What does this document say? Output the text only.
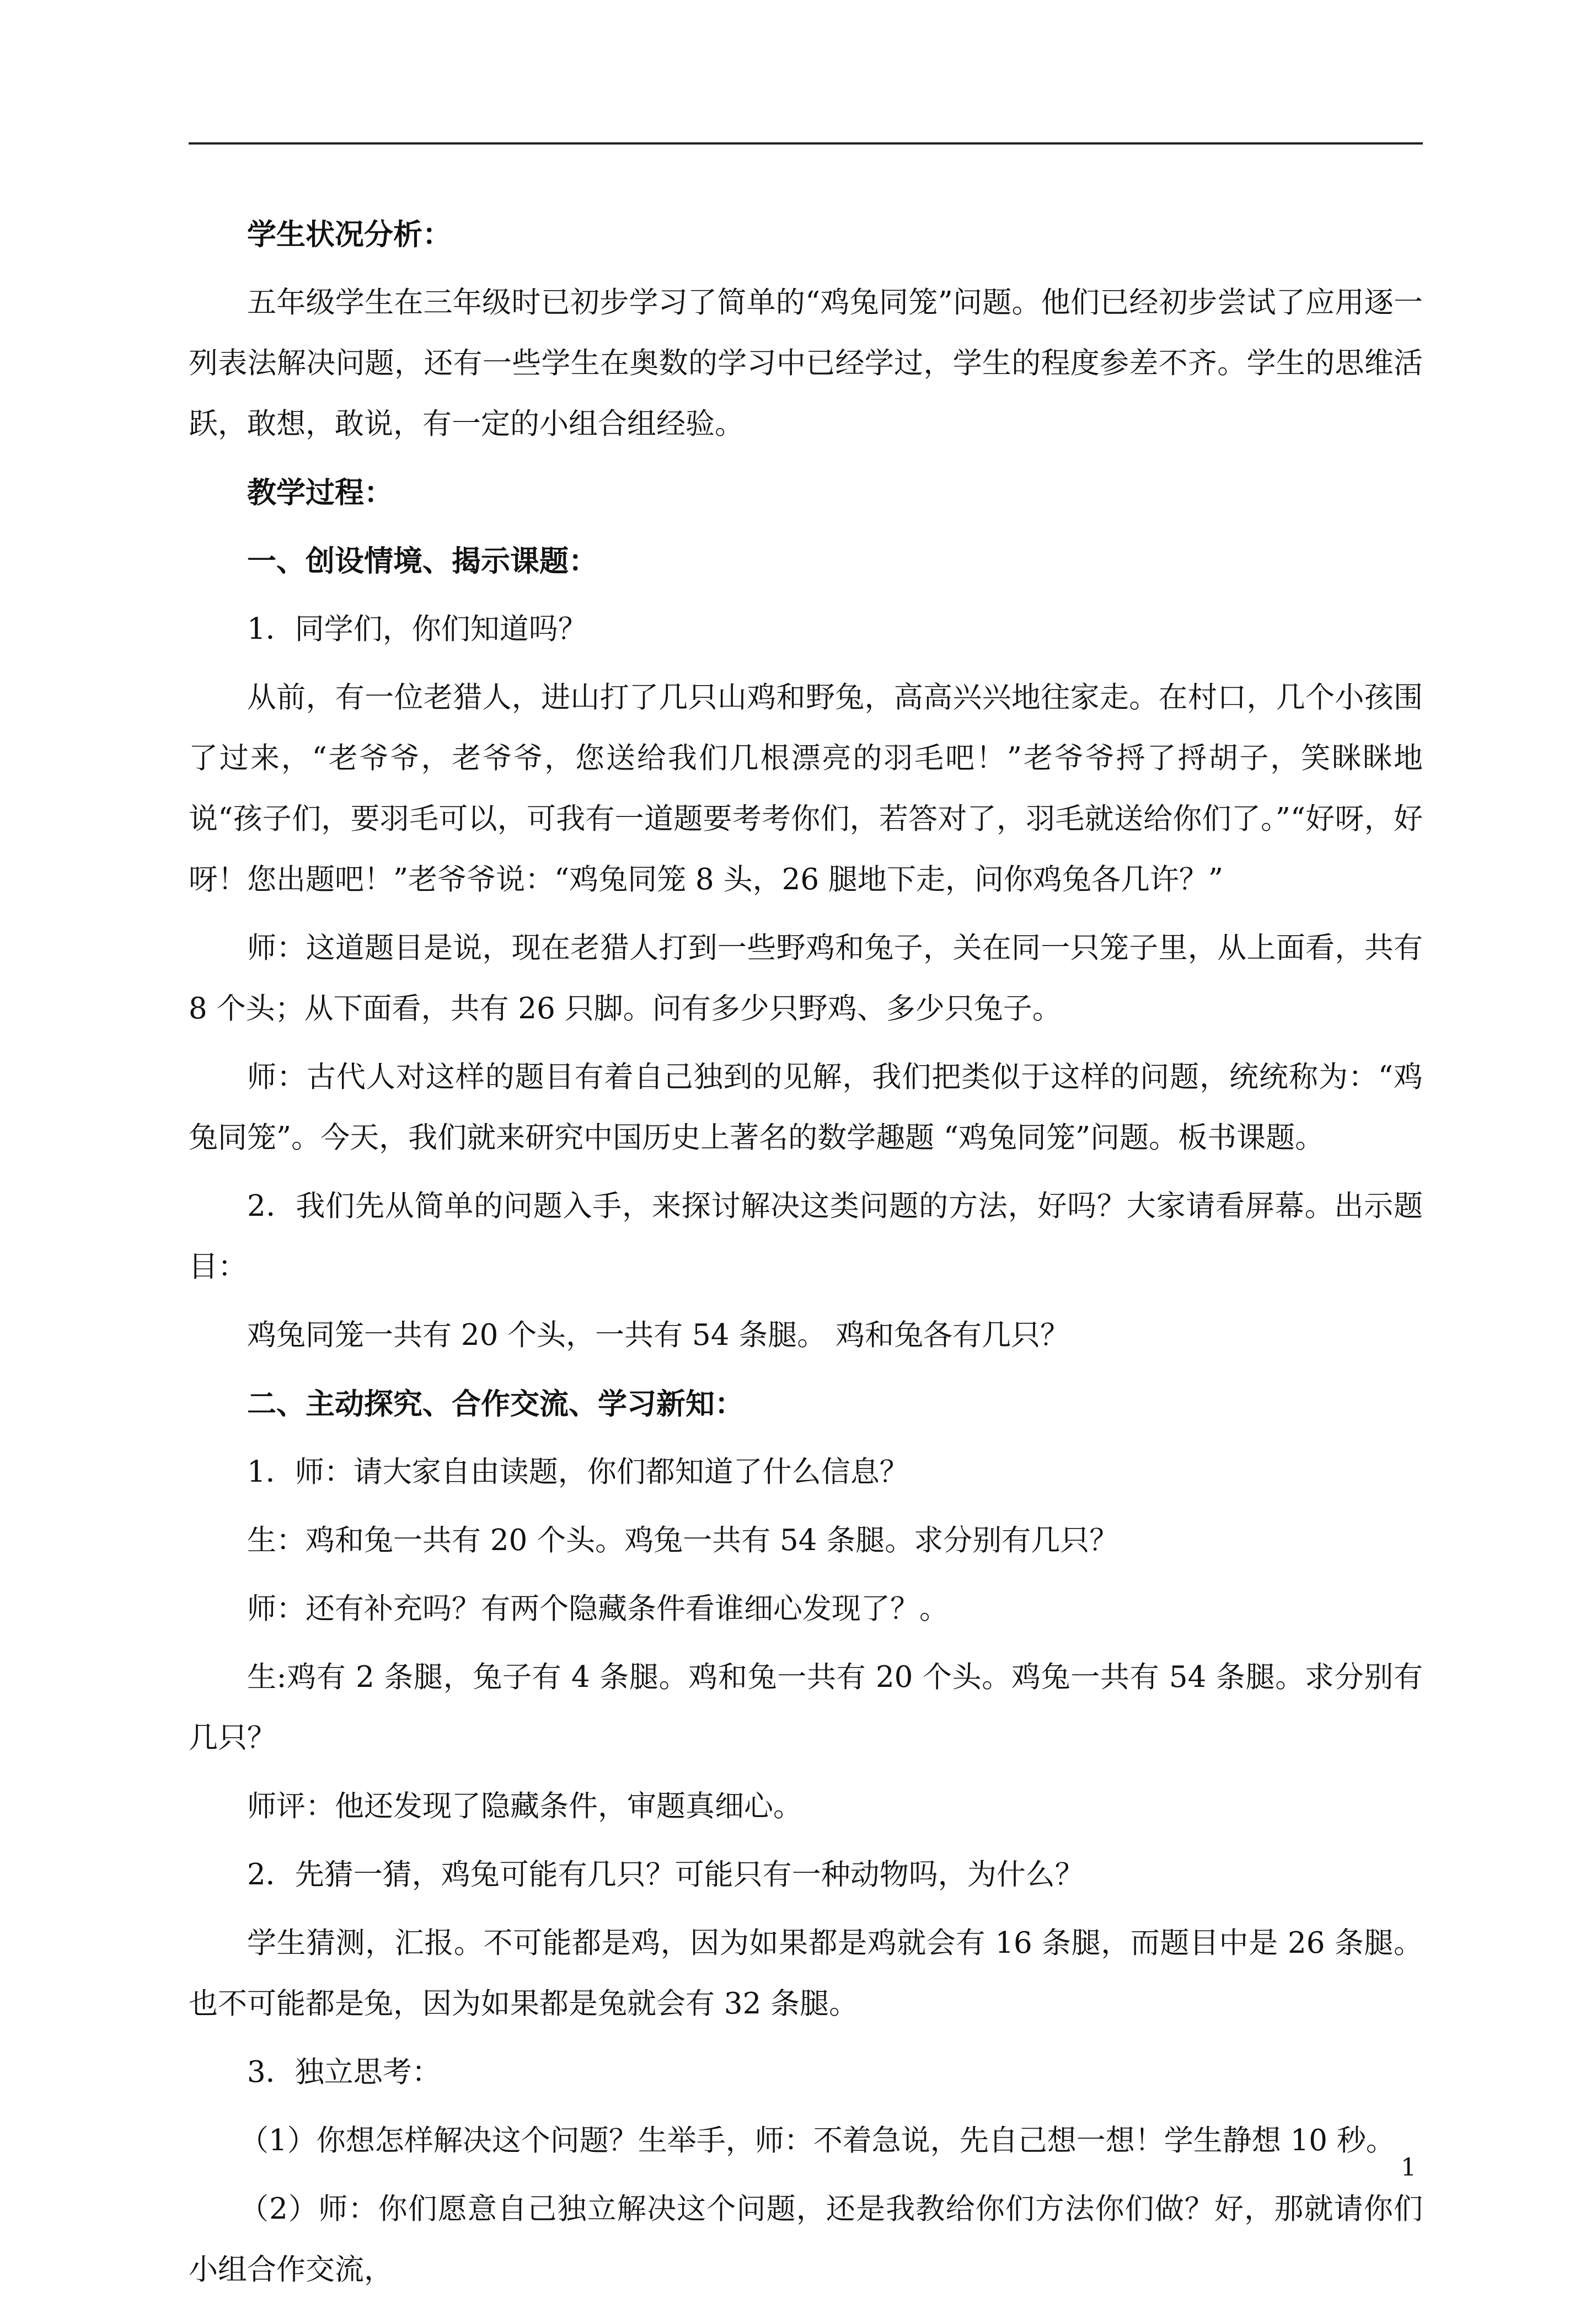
学生状况分析：

五年级学生在三年级时已初步学习了简单的“鸡兔同笼”问题。他们已经初步尝试了应用逐一列表法解决问题，还有一些学生在奥数的学习中已经学过，学生的程度参差不齐。学生的思维活跃，敢想，敢说，有一定的小组合组经验。

教学过程：

一、创设情境、揭示课题：

1．同学们，你们知道吗？

从前，有一位老猎人，进山打了几只山鸡和野兔，高高兴兴地往家走。在村口，几个小孩围了过来，“老爷爷，老爷爷，您送给我们几根漂亮的羽毛吧！”老爷爷捋了捋胡子，笑眯眯地说“孩子们，要羽毛可以，可我有一道题要考考你们，若答对了，羽毛就送给你们了。”“好呀，好呀！您出题吧！”老爷爷说：“鸡兔同笼 8 头，26 腿地下走，问你鸡兔各几许？”

师：这道题目是说，现在老猎人打到一些野鸡和兔子，关在同一只笼子里，从上面看，共有 8 个头；从下面看，共有 26 只脚。问有多少只野鸡、多少只兔子。

师：古代人对这样的题目有着自己独到的见解，我们把类似于这样的问题，统统称为：“鸡兔同笼”。今天，我们就来研究中国历史上著名的数学趣题 “鸡兔同笼”问题。板书课题。

2．我们先从简单的问题入手，来探讨解决这类问题的方法，好吗？大家请看屏幕。出示题目：

鸡兔同笼一共有 20 个头，一共有 54 条腿。 鸡和兔各有几只？

二、主动探究、合作交流、学习新知：

1．师：请大家自由读题，你们都知道了什么信息？

生：鸡和兔一共有 20 个头。鸡兔一共有 54 条腿。求分别有几只？

师：还有补充吗？有两个隐藏条件看谁细心发现了？。

生:鸡有 2 条腿，兔子有 4 条腿。鸡和兔一共有 20 个头。鸡兔一共有 54 条腿。求分别有几只？

师评：他还发现了隐藏条件，审题真细心。

2．先猜一猜，鸡兔可能有几只？可能只有一种动物吗，为什么？

学生猜测，汇报。不可能都是鸡，因为如果都是鸡就会有 16 条腿，而题目中是 26 条腿。也不可能都是兔，因为如果都是兔就会有 32 条腿。

3．独立思考：

（1）你想怎样解决这个问题？生举手，师：不着急说，先自己想一想！学生静想 10 秒。

（2）师：你们愿意自己独立解决这个问题，还是我教给你们方法你们做？好，那就请你们小组合作交流，

1
